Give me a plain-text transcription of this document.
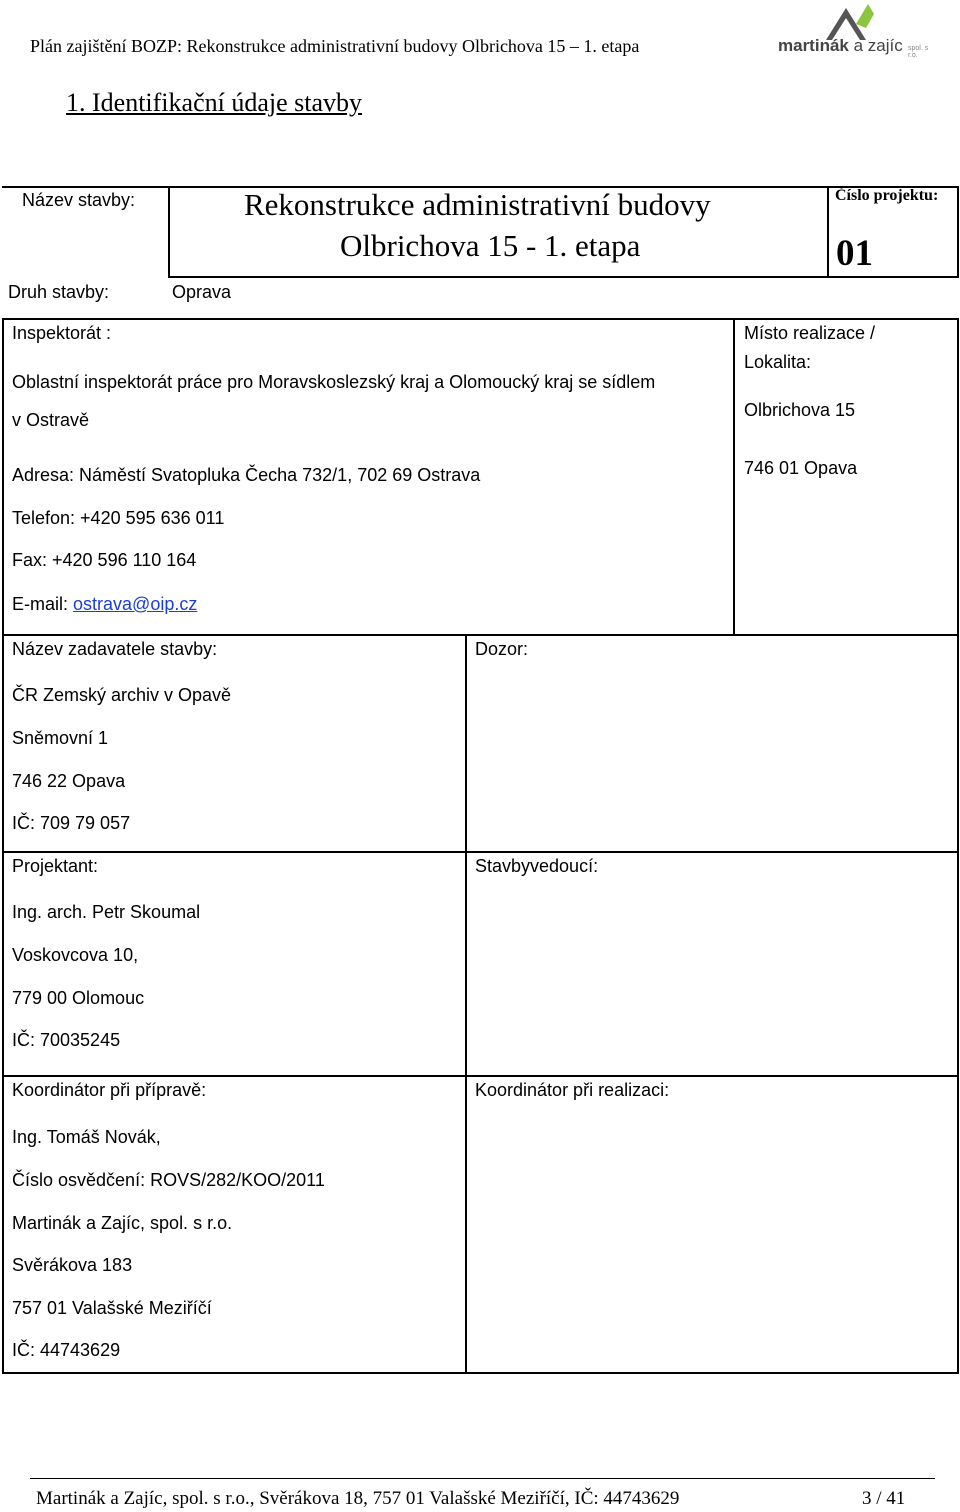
Plán zajištění BOZP: Rekonstrukce administrativní budovy Olbrichova 15 – 1. etapa	martinák a zajíc spol. s r.o.
1. Identifikační údaje stavby
Název stavby:	Rekonstrukce administrativní budovy
Olbrichova 15 - 1. etapa
Číslo projektu:
01
Druh stavby:	Oprava
Inspektorát :
Oblastní inspektorát práce pro Moravskoslezský kraj a Olomoucký kraj se sídlem
v Ostravě
Adresa: Náměstí Svatopluka Čecha 732/1, 702 69 Ostrava
Telefon: +420 595 636 011
Fax: +420 596 110 164
E-mail: ostrava@oip.cz
Místo realizace /
Lokalita:
Olbrichova 15
746 01 Opava
Název zadavatele stavby:
ČR Zemský archiv v Opavě
Sněmovní 1
746 22 Opava
IČ: 709 79 057
Dozor:
Projektant:
Ing. arch. Petr Skoumal
Voskovcova 10,
779 00 Olomouc
IČ: 70035245
Stavbyvedoucí:
Koordinátor při přípravě:
Ing. Tomáš Novák,
Číslo osvědčení: ROVS/282/KOO/2011
Martinák a Zajíc, spol. s r.o.
Svěrákova 183
757 01 Valašské Meziříčí
IČ: 44743629
Koordinátor při realizaci:
Martinák a Zajíc, spol. s r.o., Svěrákova 18, 757 01 Valašské Meziříčí, IČ: 44743629	3 / 41
